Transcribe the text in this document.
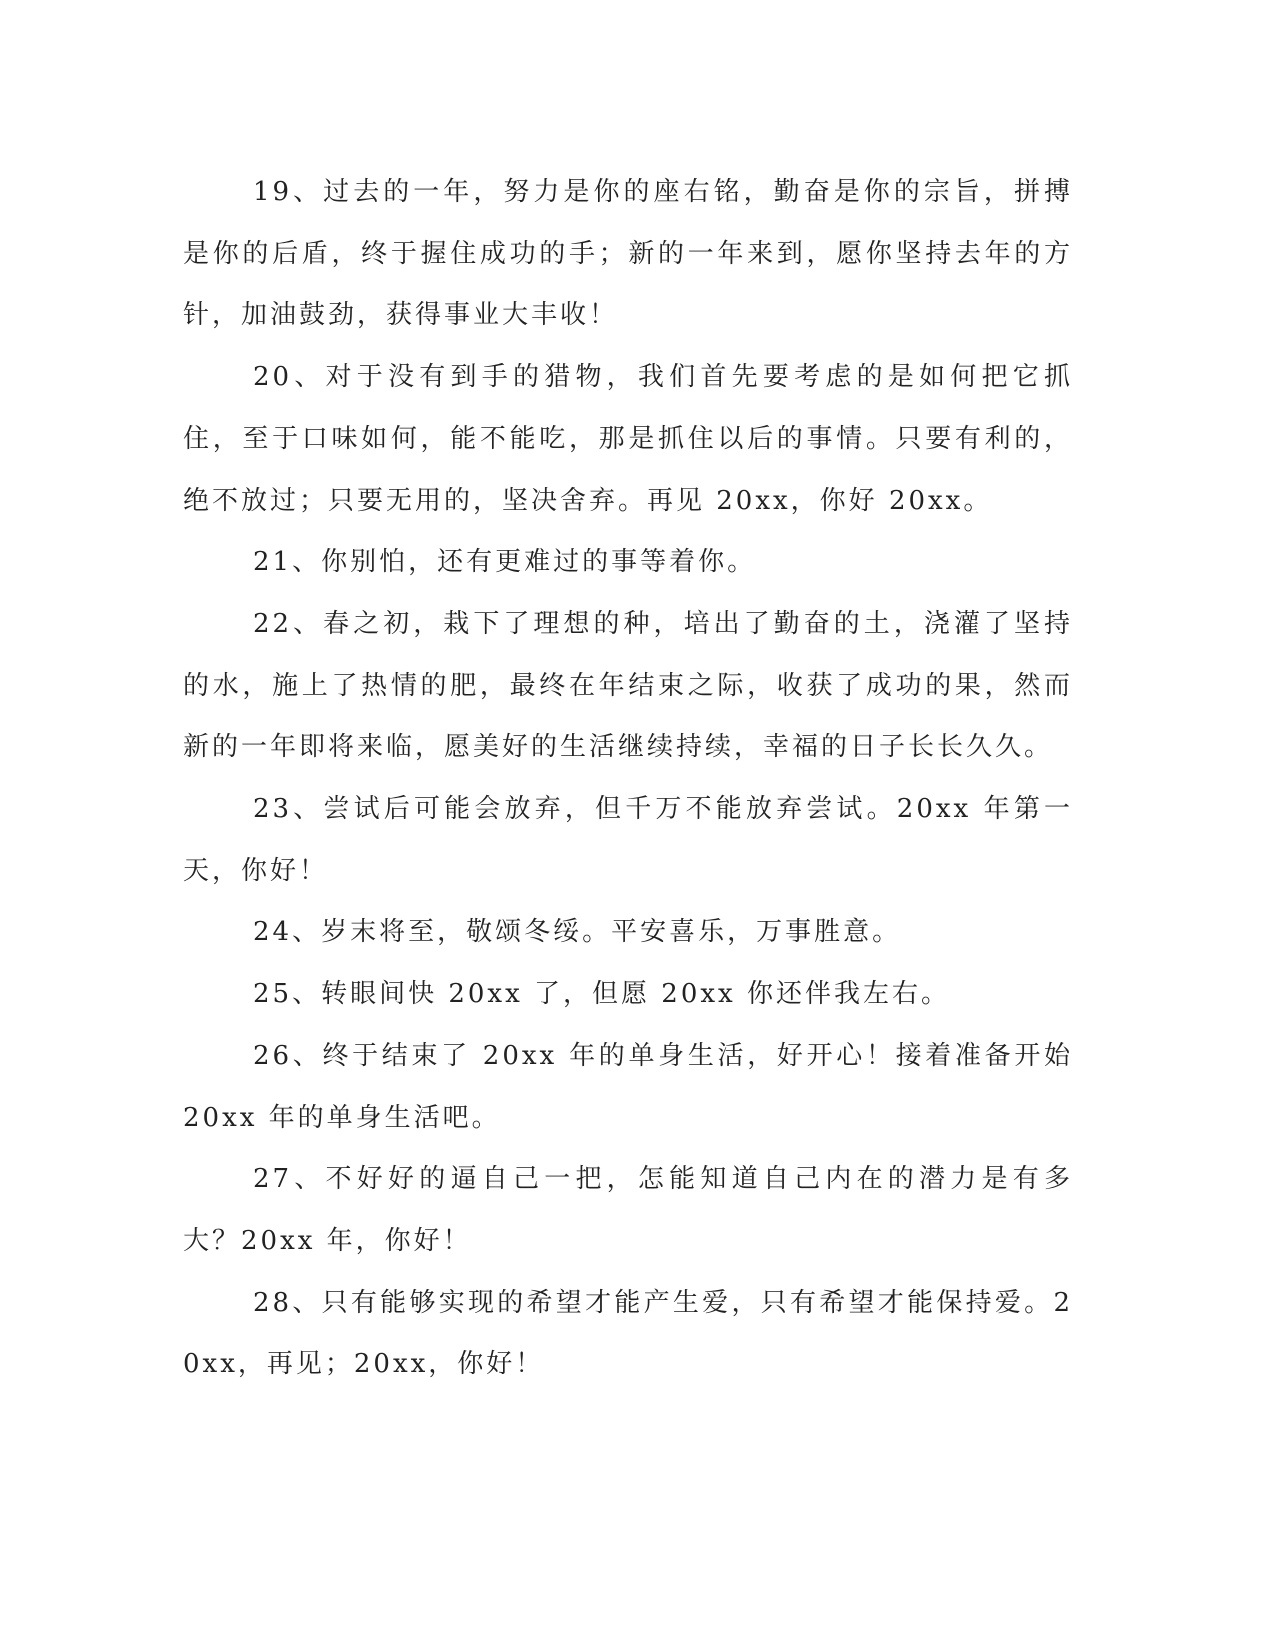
19、过去的一年，努力是你的座右铭，勤奋是你的宗旨，拼搏是你的后盾，终于握住成功的手；新的一年来到，愿你坚持去年的方针，加油鼓劲，获得事业大丰收！

20、对于没有到手的猎物，我们首先要考虑的是如何把它抓住，至于口味如何，能不能吃，那是抓住以后的事情。只要有利的，绝不放过；只要无用的，坚决舍弃。再见 20xx，你好 20xx。

21、你别怕，还有更难过的事等着你。

22、春之初，栽下了理想的种，培出了勤奋的土，浇灌了坚持的水，施上了热情的肥，最终在年结束之际，收获了成功的果，然而新的一年即将来临，愿美好的生活继续持续，幸福的日子长长久久。

23、尝试后可能会放弃，但千万不能放弃尝试。20xx 年第一天，你好！

24、岁末将至，敬颂冬绥。平安喜乐，万事胜意。

25、转眼间快 20xx 了，但愿 20xx 你还伴我左右。

26、终于结束了 20xx 年的单身生活，好开心！接着准备开始 20xx 年的单身生活吧。

27、不好好的逼自己一把，怎能知道自己内在的潜力是有多大？20xx 年，你好！

28、只有能够实现的希望才能产生爱，只有希望才能保持爱。20xx，再见；20xx，你好！
